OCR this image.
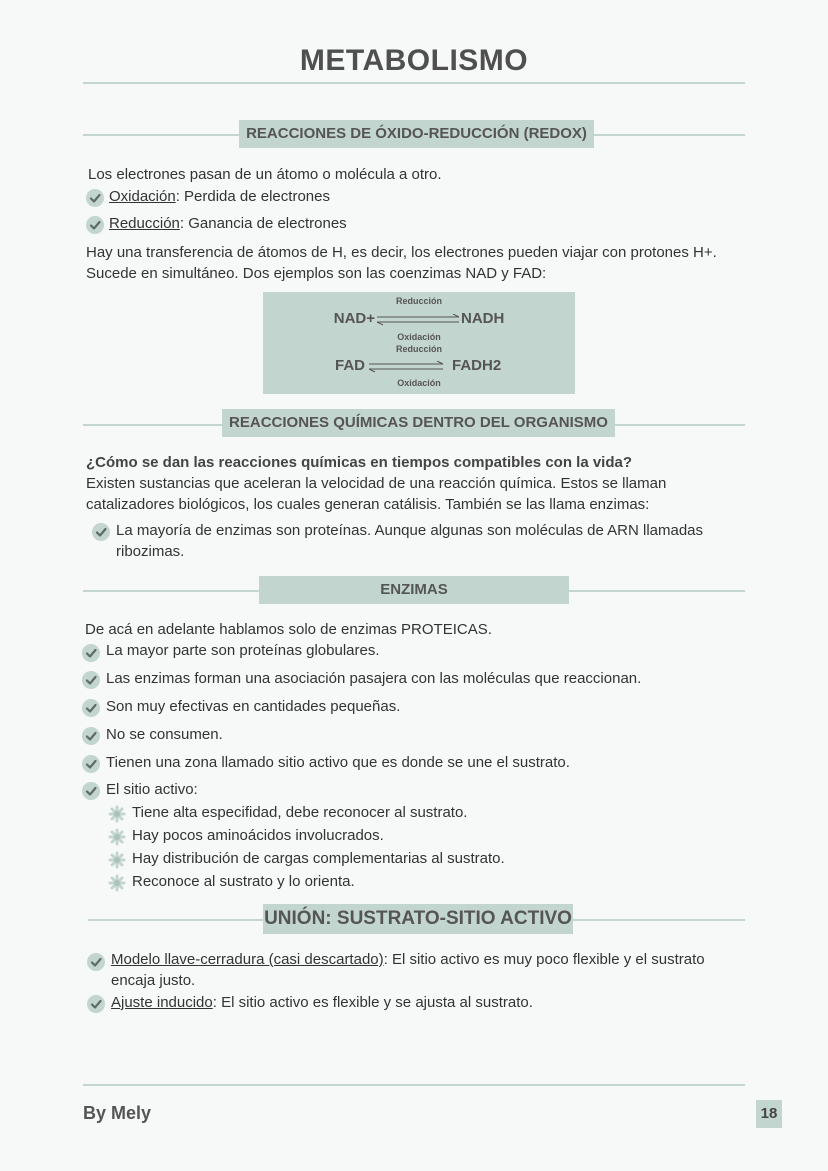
METABOLISMO
REACCIONES DE ÓXIDO-REDUCCIÓN (REDOX)
Los electrones pasan de un átomo o molécula a otro.
Oxidación: Perdida de electrones
Reducción: Ganancia de electrones
Hay una transferencia de átomos de H, es decir, los electrones pueden viajar con protones H+.
Sucede en simultáneo. Dos ejemplos son las coenzimas NAD y FAD:
Reducción
NAD+	NADH
Oxidación
Reducción
FAD	FADH2
Oxidación
REACCIONES QUÍMICAS DENTRO DEL ORGANISMO
¿Cómo se dan las reacciones químicas en tiempos compatibles con la vida?
Existen sustancias que aceleran la velocidad de una reacción química. Estos se llaman
catalizadores biológicos, los cuales generan catálisis. También se las llama enzimas:
La mayoría de enzimas son proteínas. Aunque algunas son moléculas de ARN llamadas
ribozimas.
ENZIMAS
De acá en adelante hablamos solo de enzimas PROTEICAS.
La mayor parte son proteínas globulares.
Las enzimas forman una asociación pasajera con las moléculas que reaccionan.
Son muy efectivas en cantidades pequeñas.
No se consumen.
Tienen una zona llamado sitio activo que es donde se une el sustrato.
El sitio activo:
Tiene alta especifidad, debe reconocer al sustrato.
Hay pocos aminoácidos involucrados.
Hay distribución de cargas complementarias al sustrato.
Reconoce al sustrato y lo orienta.
UNIÓN: SUSTRATO-SITIO ACTIVO
Modelo llave-cerradura (casi descartado): El sitio activo es muy poco flexible y el sustrato
encaja justo.
Ajuste inducido: El sitio activo es flexible y se ajusta al sustrato.
By Mely	18
